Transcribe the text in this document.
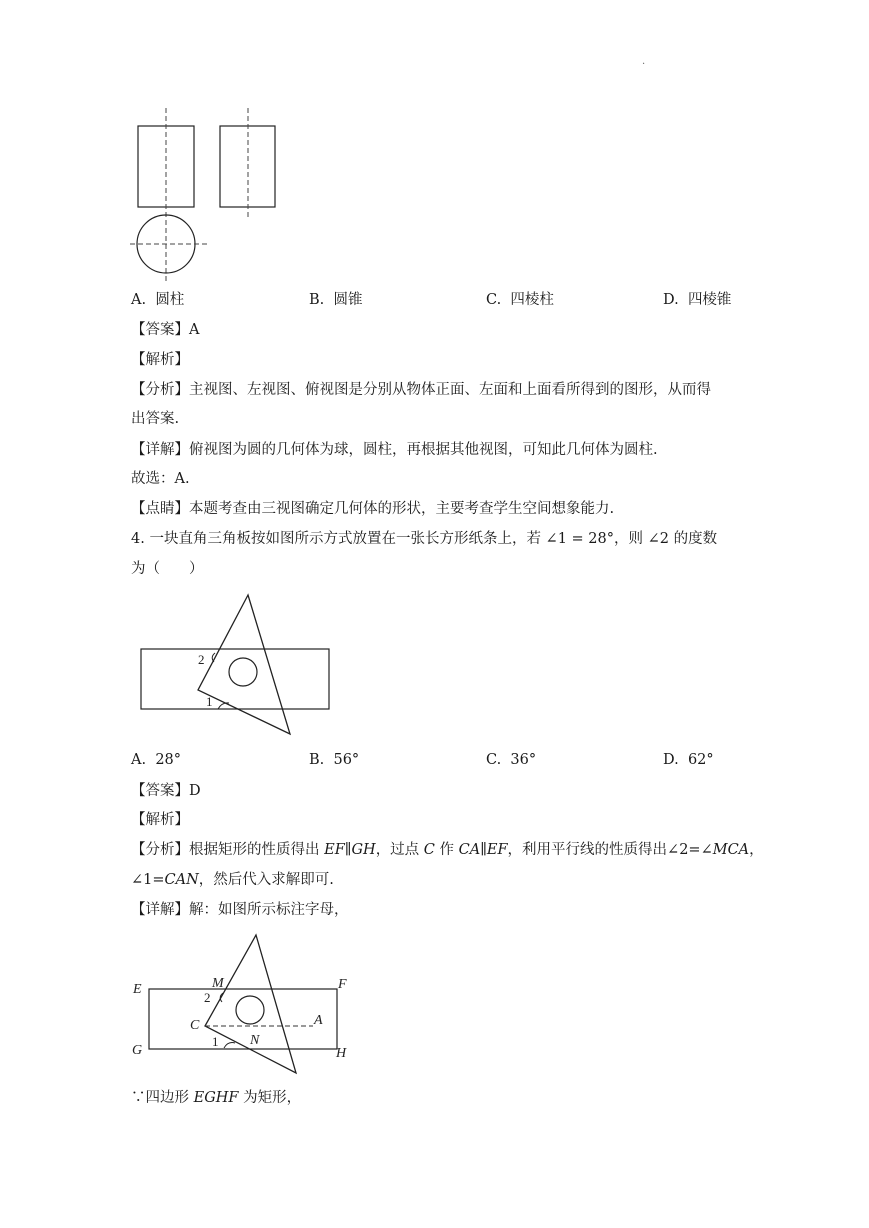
.
A. 圆柱	B. 圆锥	C. 四棱柱	D. 四棱锥
【答案】A
【解析】
【分析】主视图、左视图、俯视图是分别从物体正面、左面和上面看所得到的图形，从而得
出答案.
【详解】俯视图为圆的几何体为球，圆柱，再根据其他视图，可知此几何体为圆柱.
故选：A.
【点睛】本题考查由三视图确定几何体的形状，主要考查学生空间想象能力.
4. 一块直角三角板按如图所示方式放置在一张长方形纸条上，若 ∠1 = 28°，则 ∠2 的度数
为（　　）
2
1
A. 28°	B. 56°	C. 36°	D. 62°
【答案】D
【解析】
【分析】根据矩形的性质得出 EF∥GH，过点 C 作 CA∥EF，利用平行线的性质得出∠2=∠MCA，
∠1=CAN，然后代入求解即可.
【详解】解：如图所示标注字母，
E	F
G	H
M
C	A
N
2
1
∵四边形 EGHF 为矩形，
